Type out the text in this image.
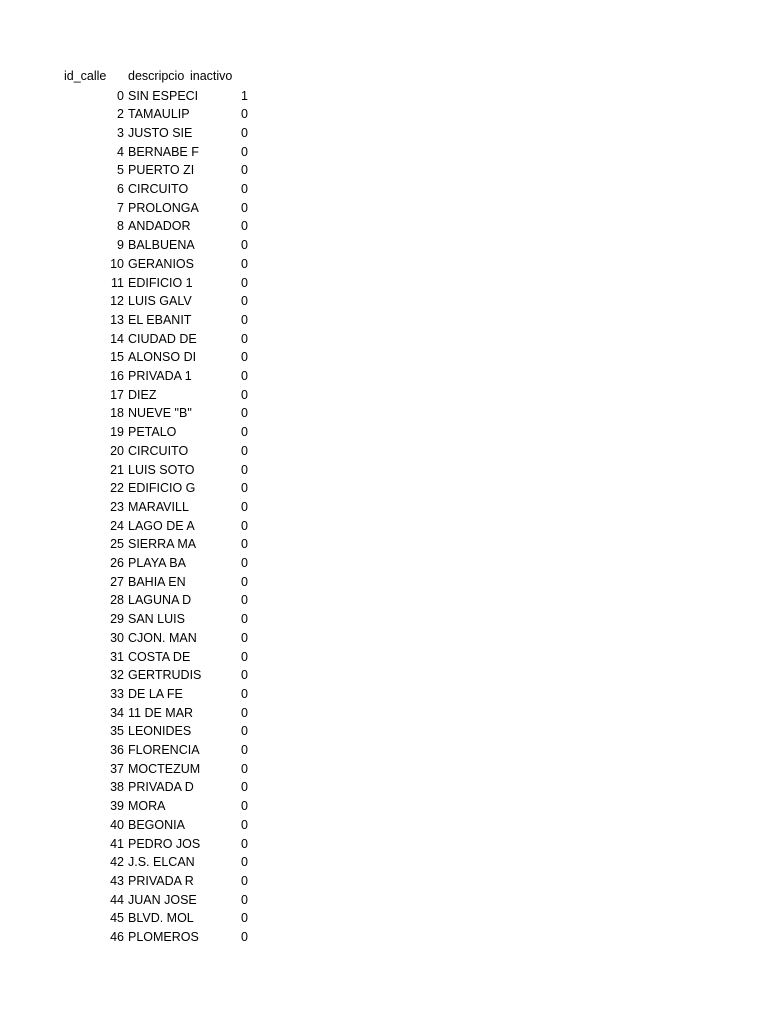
id_calle	descripcio inactivo
0 SIN ESPECI	1
2 TAMAULIP	0
3 JUSTO SIE	0
4 BERNABE F	0
5 PUERTO ZI	0
6 CIRCUITO	0
7 PROLONGA	0
8 ANDADOR	0
9 BALBUENA	0
10 GERANIOS	0
11 EDIFICIO 1	0
12 LUIS GALV	0
13 EL EBANIT	0
14 CIUDAD DE	0
15 ALONSO DI	0
16 PRIVADA 1	0
17 DIEZ	0
18 NUEVE "B"	0
19 PETALO	0
20 CIRCUITO	0
21 LUIS SOTO	0
22 EDIFICIO G	0
23 MARAVILL	0
24 LAGO DE A	0
25 SIERRA MA	0
26 PLAYA BA	0
27 BAHIA EN	0
28 LAGUNA D	0
29 SAN LUIS	0
30 CJON. MAN	0
31 COSTA DE	0
32 GERTRUDIS	0
33 DE LA FE	0
34 11 DE MAR	0
35 LEONIDES	0
36 FLORENCIA	0
37 MOCTEZUM	0
38 PRIVADA D	0
39 MORA	0
40 BEGONIA	0
41 PEDRO JOS	0
42 J.S. ELCAN	0
43 PRIVADA R	0
44 JUAN JOSE	0
45 BLVD. MOL	0
46 PLOMEROS	0
